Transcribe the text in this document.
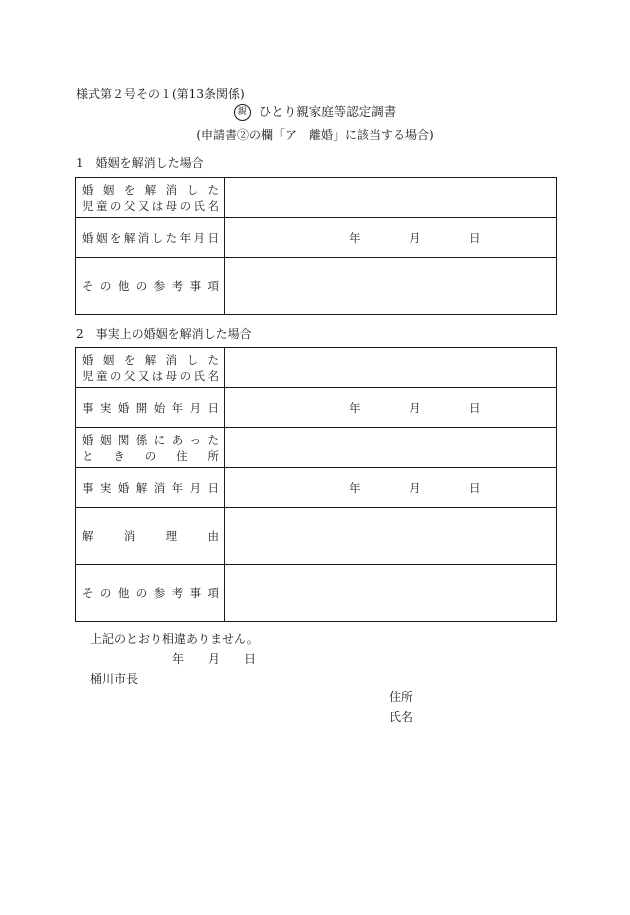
様式第２号その１(第13条関係)
親 ひとり親家庭等認定調書
(申請書②の欄「ア　離婚」に該当する場合)
1　婚姻を解消した場合
婚姻を解消した
児童の父又は母の氏名	

婚姻を解消した年月日	年 月 日

その他の参考事項	

2　事実上の婚姻を解消した場合
婚姻を解消した
児童の父又は母の氏名	

事実婚開始年月日	年 月 日

婚姻関係にあった
ときの住所	

事実婚解消年月日	年 月 日

解消理由	

その他の参考事項	

上記のとおり相違ありません。
年 月 日
桶川市長
住所
氏名
